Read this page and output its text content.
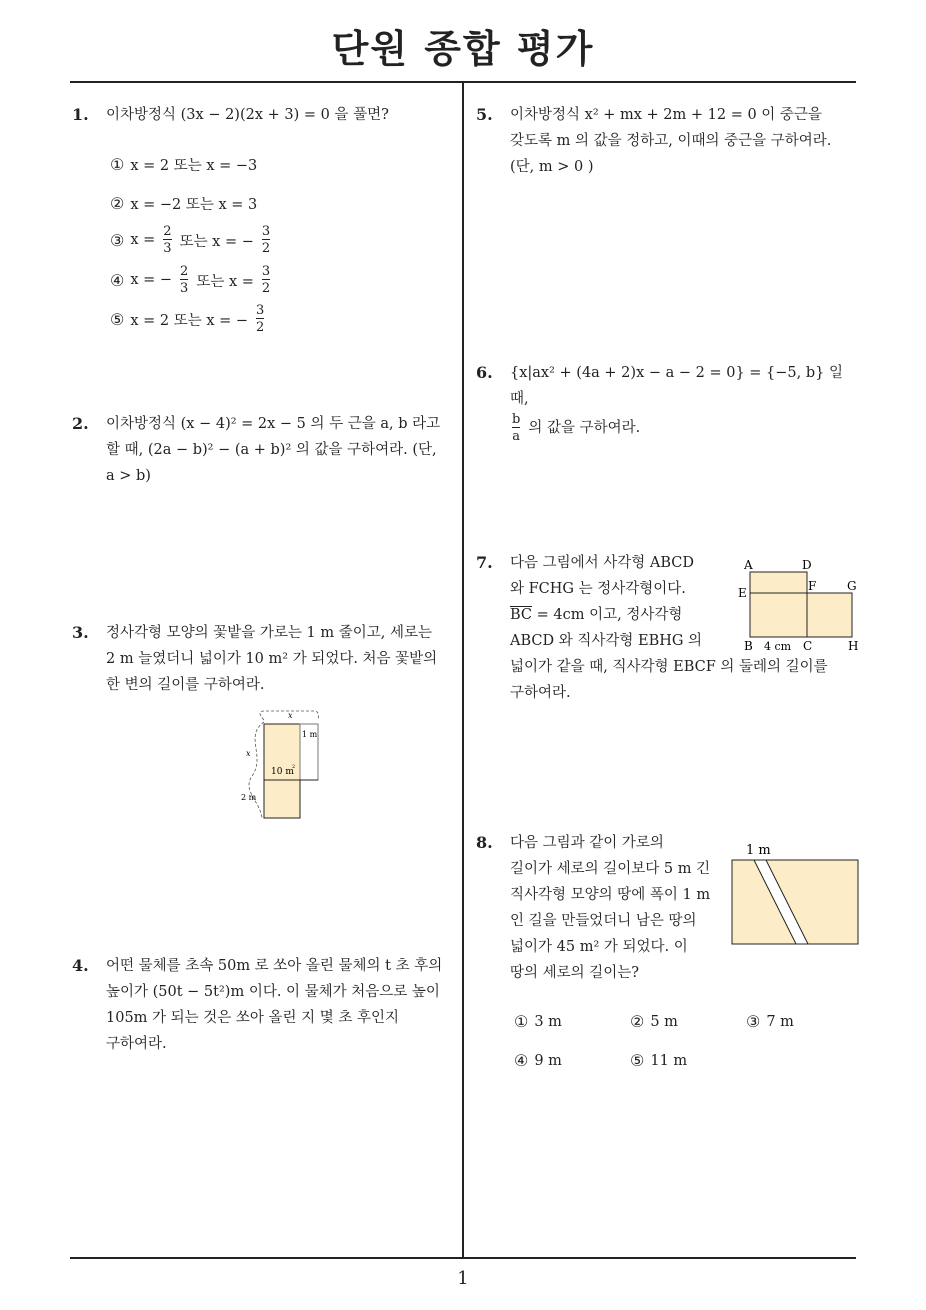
단원 종합 평가
1
1. 이차방정식 (3x − 2)(2x + 3) = 0 을 풀면?
① x = 2 또는 x = −3
② x = −2 또는 x = 3
③ $x = \frac{2}{3}$ 또는 x = − $\frac{3}{2}$
④ x = − $\frac{2}{3}$ 또는 $x = \frac{3}{2}$
⑤ x = 2 또는 x = − $\frac{3}{2}$
2. 이차방정식 (x − 4)² = 2x − 5 의 두 근을 a, b 라고
할 때, (2a − b)² − (a + b)² 의 값을 구하여라. (단,
a > b)
3. 정사각형 모양의 꽃밭을 가로는 1 m 줄이고, 세로는
2 m 늘였더니 넓이가 10 m² 가 되었다. 처음 꽃밭의
한 변의 길이를 구하여라.
x
x
1 m
10 m
2
2 m
4. 어떤 물체를 초속 50m 로 쏘아 올린 물체의 t 초 후의
높이가 (50t − 5t²)m 이다. 이 물체가 처음으로 높이
105m 가 되는 것은 쏘아 올린 지 몇 초 후인지
구하여라.
5. 이차방정식 x² + mx + 2m + 12 = 0 이 중근을
갖도록 m 의 값을 정하고, 이때의 중근을 구하여라.
(단, m > 0 )
6. {x|ax² + (4a + 2)x − a − 2 = 0} = {−5, b} 일 때,
$\frac{b}{a}$ 의 값을 구하여라.
7. 다음 그림에서 사각형 ABCD
와 FCHG 는 정사각형이다.
$\overline{BC} = 4cm$ 이고, 정사각형
ABCD 와 직사각형 EBHG 의
넓이가 같을 때, 직사각형 EBCF 의 둘레의 길이를
구하여라.
A	D
E	F	G
B 4 cm C	H
8. 다음 그림과 같이 가로의
길이가 세로의 길이보다 5 m 긴
직사각형 모양의 땅에 폭이 1 m
인 길을 만들었더니 남은 땅의
넓이가 45 m² 가 되었다. 이
땅의 세로의 길이는?
1 m
① 3 m	② 5 m	③ 7 m
④ 9 m	⑤ 11 m
